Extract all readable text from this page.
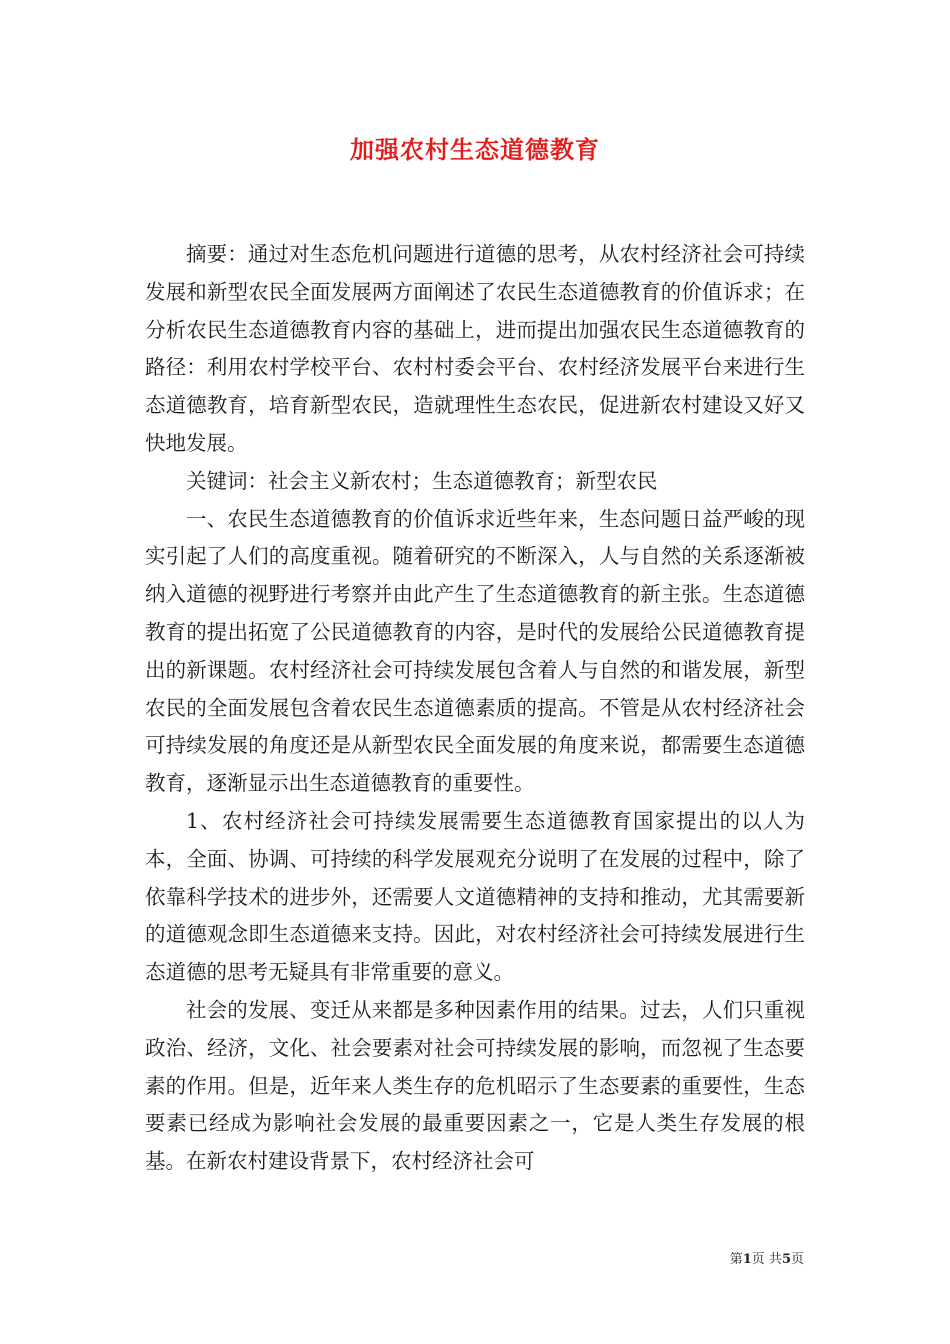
加强农村生态道德教育

摘要：通过对生态危机问题进行道德的思考，从农村经济社会可持续发展和新型农民全面发展两方面阐述了农民生态道德教育的价值诉求；在分析农民生态道德教育内容的基础上，进而提出加强农民生态道德教育的路径：利用农村学校平台、农村村委会平台、农村经济发展平台来进行生态道德教育，培育新型农民，造就理性生态农民，促进新农村建设又好又快地发展。

关键词：社会主义新农村；生态道德教育；新型农民

一、农民生态道德教育的价值诉求近些年来，生态问题日益严峻的现实引起了人们的高度重视。随着研究的不断深入，人与自然的关系逐渐被纳入道德的视野进行考察并由此产生了生态道德教育的新主张。生态道德教育的提出拓宽了公民道德教育的内容，是时代的发展给公民道德教育提出的新课题。农村经济社会可持续发展包含着人与自然的和谐发展，新型农民的全面发展包含着农民生态道德素质的提高。不管是从农村经济社会可持续发展的角度还是从新型农民全面发展的角度来说，都需要生态道德教育，逐渐显示出生态道德教育的重要性。

1、农村经济社会可持续发展需要生态道德教育国家提出的以人为本，全面、协调、可持续的科学发展观充分说明了在发展的过程中，除了依靠科学技术的进步外，还需要人文道德精神的支持和推动，尤其需要新的道德观念即生态道德来支持。因此，对农村经济社会可持续发展进行生态道德的思考无疑具有非常重要的意义。

社会的发展、变迁从来都是多种因素作用的结果。过去，人们只重视政治、经济，文化、社会要素对社会可持续发展的影响，而忽视了生态要素的作用。但是，近年来人类生存的危机昭示了生态要素的重要性，生态要素已经成为影响社会发展的最重要因素之一，它是人类生存发展的根基。在新农村建设背景下，农村经济社会可

第1页 共5页
